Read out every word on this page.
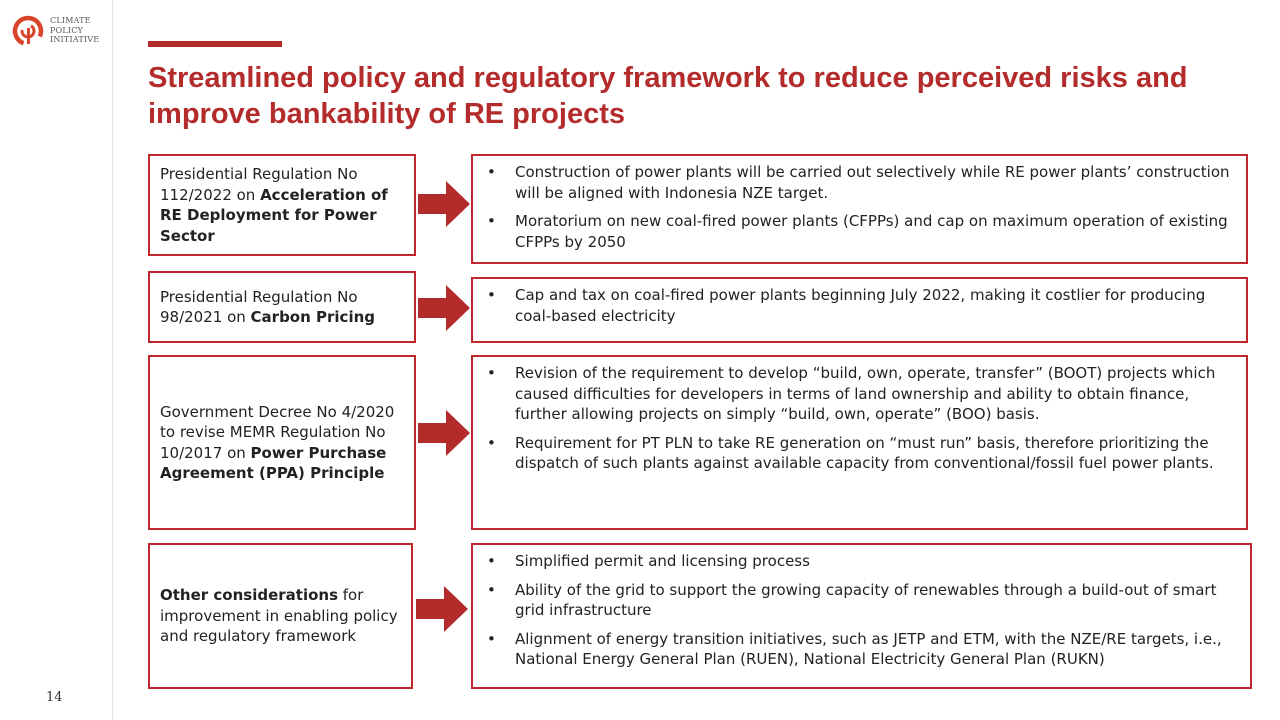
CLIMATE
POLICY
INITIATIVE
14
Streamlined policy and regulatory framework to reduce perceived risks and improve bankability of RE projects
Presidential Regulation No 112/2022 on Acceleration of RE Deployment for Power Sector
• Construction of power plants will be carried out selectively while RE power plants’ construction will be aligned with Indonesia NZE target.
• Moratorium on new coal-fired power plants (CFPPs) and cap on maximum operation of existing CFPPs by 2050
Presidential Regulation No 98/2021 on Carbon Pricing
• Cap and tax on coal-fired power plants beginning July 2022, making it costlier for producing coal-based electricity
Government Decree No 4/2020 to revise MEMR Regulation No 10/2017 on Power Purchase Agreement (PPA) Principle
• Revision of the requirement to develop “build, own, operate, transfer” (BOOT) projects which caused difficulties for developers in terms of land ownership and ability to obtain finance, further allowing projects on simply “build, own, operate” (BOO) basis.
• Requirement for PT PLN to take RE generation on “must run” basis, therefore prioritizing the dispatch of such plants against available capacity from conventional/fossil fuel power plants.
Other considerations for improvement in enabling policy and regulatory framework
• Simplified permit and licensing process
• Ability of the grid to support the growing capacity of renewables through a build-out of smart grid infrastructure
• Alignment of energy transition initiatives, such as JETP and ETM, with the NZE/RE targets, i.e., National Energy General Plan (RUEN), National Electricity General Plan (RUKN)
